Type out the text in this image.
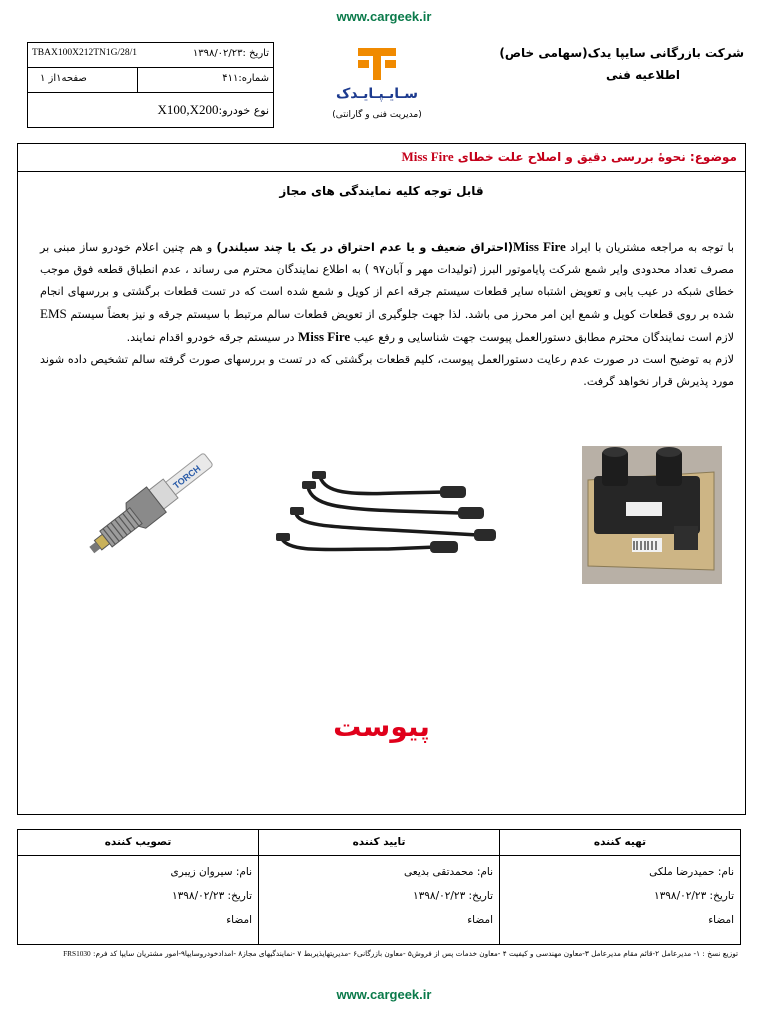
www.cargeek.ir
تاریخ :۱۳۹۸/۰۲/۲۳
TBAX100X212TN1G/28/1
شماره:۴۱۱
صفحه۱از ۱
نوع خودرو:X100,X200
سـایـپـایـدک
(مدیریت فنی و گارانتی)
شرکت بازرگانی سایپا یدک(سهامی خاص)
اطلاعیه فنی
موضوع: نحوهٔ بررسی دقیق و اصلاح علت خطای Miss Fire
قابل توجه کلیه نمایندگی های مجاز

با توجه به مراجعه مشتریان با ایراد Miss Fire(احتراق ضعیف و یا عدم احتراق در یک یا چند سیلندر) و هم چنین اعلام خودرو ساز مبنی بر مصرف تعداد محدودی وایر شمع شرکت پایاموتور البرز (تولیدات مهر و آبان۹۷ ) به اطلاع نمایندگان محترم می رساند ، عدم انطباق قطعه فوق موجب خطای شبکه در عیب یابی و تعویض اشتباه سایر قطعات سیستم جرقه اعم از کویل و شمع شده است که در تست قطعات برگشتی و بررسهای انجام شده بر روی قطعات کویل و شمع این امر محرز می باشد. لذا جهت جلوگیری از تعویض قطعات سالم مرتبط با سیستم جرقه و نیز بعضاً سیستم EMS لازم است نمایندگان محترم مطابق دستورالعمل پیوست جهت شناسایی و رفع عیب Miss Fire در سیستم جرقه خودرو اقدام نمایند.

لازم به توضیح است در صورت عدم رعایت دستورالعمل پیوست، کلیم قطعات برگشتی که در تست و بررسهای صورت گرفته سالم تشخیص داده شوند مورد پذیرش قرار نخواهد گرفت.

TORCH
پیوست
تهیه کننده
نام: حمیدرضا ملکی
تاریخ: ۱۳۹۸/۰۲/۲۳
امضاء
تایید کننده
نام: محمدتقی بدیعی
تاریخ: ۱۳۹۸/۰۲/۲۳
امضاء
تصویب کننده
نام: سیروان زیبری
تاریخ: ۱۳۹۸/۰۲/۲۳
امضاء
توزیع نسخ : ۱- مدیرعامل ۲-قائم مقام مدیرعامل ۳-معاون مهندسی و کیفیت ۴ -معاون خدمات پس از فروش۵ -معاون بازرگانی۶ -مدیریتهایذیربط ۷ -نمایندگیهای مجاز۸ -امدادخودروسایپا۹-امور مشتریان سایپا کد فرم: FRS1030
www.cargeek.ir
